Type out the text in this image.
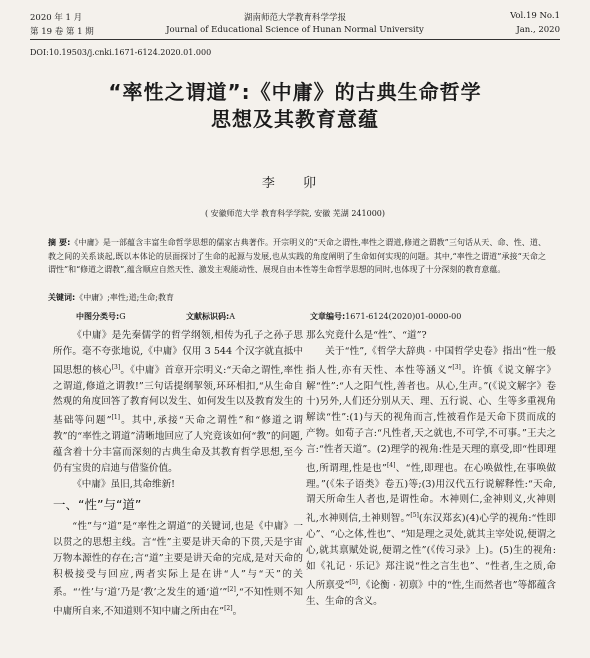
2020 年 1 月	湖南师范大学教育科学学报	Vol.19 No.1
第 19 卷 第 1 期	Journal of Educational Science of Hunan Normal University	Jan., 2020
DOI:10.19503/j.cnki.1671-6124.2020.01.000
“率性之谓道”:《中庸》的古典生命哲学
思想及其教育意蕴
李 卯
( 安徽师范大学 教育科学学院, 安徽 芜湖 241000)
摘 要:《中庸》是一部蕴含丰富生命哲学思想的儒家古典著作。开宗明义的“天命之谓性,率性之谓道,修道之谓教”三句话从天、命、性、道、教之间的关系谈起,既以本体论的层面探讨了生命的起源与发展,也从实践的角度阐明了生命如何实现的问题。其中,“率性之谓道”承接“天命之谓性”和“修道之谓教”,蕴含顺应自然天性、激发主观能动性、展现自由本性等生命哲学思想的同时,也体现了十分深刻的教育意蕴。
关键词:《中庸》;率性;道;生命;教育
中图分类号:G	文献标识码:A	文章编号:1671-6124(2020)01-0000-00

《中庸》是先秦儒学的哲学纲领,相传为孔子之孙子思所作。毫不夸张地说,《中庸》仅用 3 544 个汉字就直抵中国思想的核心[3]。《中庸》首章开宗明义:“天命之谓性,率性之谓道,修道之谓教!”三句话提纲挈领,环环相扣,“从生命自然观的角度回答了教育何以发生、如何发生以及教育发生的基础等问题”[1]。其中,承接“天命之谓性”和“修道之谓教”的“率性之谓道”清晰地回应了人究竟该如何“教”的问题,蕴含着十分丰富而深刻的古典生命及其教育哲学思想,至今仍有宝贵的启迪与借鉴价值。

《中庸》虽旧,其命维新!

一、“性”与“道”

“性”与“道”是“率性之谓道”的关键词,也是《中庸》一以贯之的思想主线。言“性”主要是讲天命的下贯,天是宇宙万物本源性的存在;言“道”主要是讲天命的完成,是对天命的积极接受与回应,两者实际上是在讲“人”与“天”的关系。“‘性’与‘道’乃是‘教’之发生的通‘道’”[2],“不知性则不知中庸所自来,不知道则不知中庸之所由在”[2]。

那么究竟什么是“性”、“道”?

关于“性”,《哲学大辞典 · 中国哲学史卷》指出“性一般指人性,亦有天性、本性等涵义”[3]。许慎《说文解字》解“性”:“人之阳气性,善者也。从心,生声。”(《说文解字》卷十)另外,人们还分别从天、理、五行说、心、生等多重视角解读“性”:(1)与天的视角而言,性被看作是天命下贯而成的产物。如荀子言:“凡性者,天之就也,不可学,不可事。”王夫之言:“性者天道”。(2)理学的视角:性是天理的禀受,即“性即理也,所谓理,性是也”[4]、“性,即理也。在心唤做性,在事唤做理。”(《朱子语类》卷五)等;(3)用汉代五行说解释性:“天命,谓天所命生人者也,是谓性命。木神则仁,金神则义,火神则礼,水神则信,土神则智。”[5](东汉郑玄)(4)心学的视角:“性即心”、“心之体,性也”、“知是理之灵处,就其主宰处说,便谓之心,就其禀赋处说,便谓之性”(《传习录》上)。(5)生的视角:如《礼记 · 乐记》郑注说“性之言生也”、“性者,生之质,命人所禀受”[5],《论衡 · 初禀》中的“性,生而然者也”等都蕴含生、生命的含义。
